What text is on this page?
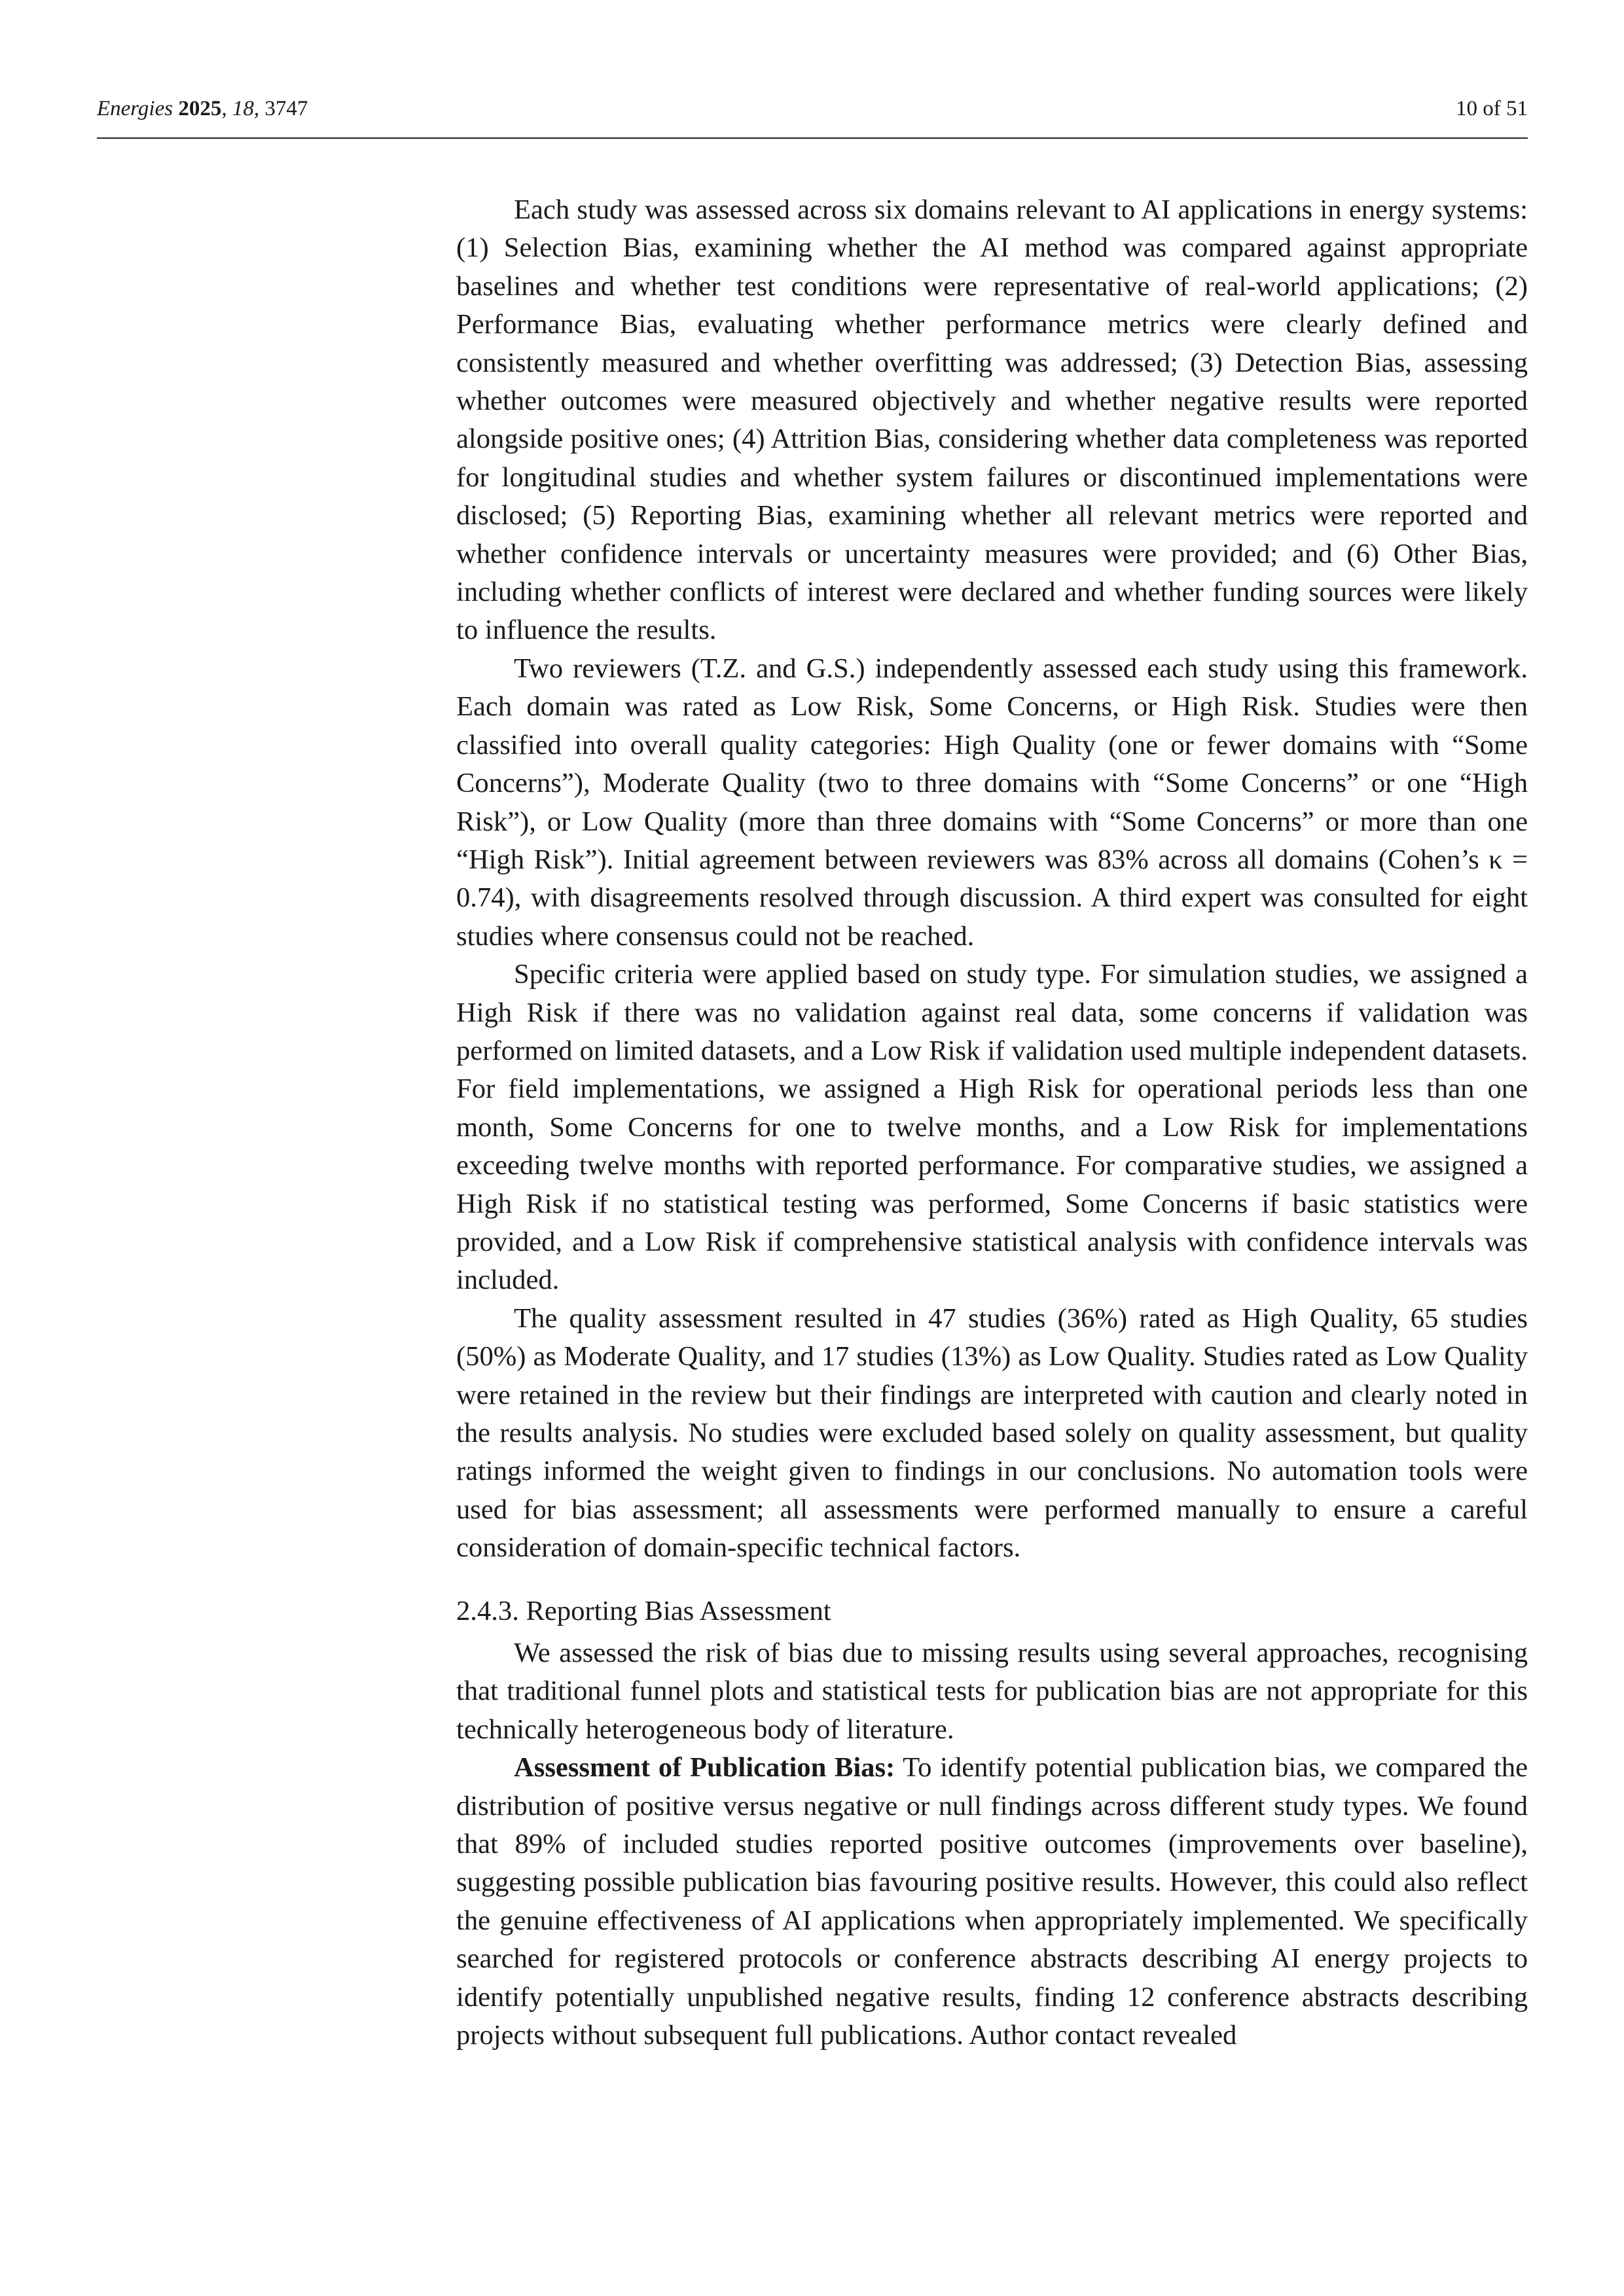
Energies 2025, 18, 3747	10 of 51

Each study was assessed across six domains relevant to AI applications in energy systems: (1) Selection Bias, examining whether the AI method was compared against appropriate baselines and whether test conditions were representative of real-world applications; (2) Performance Bias, evaluating whether performance metrics were clearly defined and consistently measured and whether overfitting was addressed; (3) Detection Bias, assessing whether outcomes were measured objectively and whether negative results were reported alongside positive ones; (4) Attrition Bias, considering whether data completeness was reported for longitudinal studies and whether system failures or discontinued implementations were disclosed; (5) Reporting Bias, examining whether all relevant metrics were reported and whether confidence intervals or uncertainty measures were provided; and (6) Other Bias, including whether conflicts of interest were declared and whether funding sources were likely to influence the results.

Two reviewers (T.Z. and G.S.) independently assessed each study using this framework. Each domain was rated as Low Risk, Some Concerns, or High Risk. Studies were then classified into overall quality categories: High Quality (one or fewer domains with “Some Concerns”), Moderate Quality (two to three domains with “Some Concerns” or one “High Risk”), or Low Quality (more than three domains with “Some Concerns” or more than one “High Risk”). Initial agreement between reviewers was 83% across all domains (Cohen’s κ = 0.74), with disagreements resolved through discussion. A third expert was consulted for eight studies where consensus could not be reached.

Specific criteria were applied based on study type. For simulation studies, we assigned a High Risk if there was no validation against real data, some concerns if validation was performed on limited datasets, and a Low Risk if validation used multiple independent datasets. For field implementations, we assigned a High Risk for operational periods less than one month, Some Concerns for one to twelve months, and a Low Risk for implementations exceeding twelve months with reported performance. For comparative studies, we assigned a High Risk if no statistical testing was performed, Some Concerns if basic statistics were provided, and a Low Risk if comprehensive statistical analysis with confidence intervals was included.

The quality assessment resulted in 47 studies (36%) rated as High Quality, 65 studies (50%) as Moderate Quality, and 17 studies (13%) as Low Quality. Studies rated as Low Quality were retained in the review but their findings are interpreted with caution and clearly noted in the results analysis. No studies were excluded based solely on quality assessment, but quality ratings informed the weight given to findings in our conclusions. No automation tools were used for bias assessment; all assessments were performed manually to ensure a careful consideration of domain-specific technical factors.

2.4.3. Reporting Bias Assessment

We assessed the risk of bias due to missing results using several approaches, recognising that traditional funnel plots and statistical tests for publication bias are not appropriate for this technically heterogeneous body of literature.

Assessment of Publication Bias: To identify potential publication bias, we compared the distribution of positive versus negative or null findings across different study types. We found that 89% of included studies reported positive outcomes (improvements over baseline), suggesting possible publication bias favouring positive results. However, this could also reflect the genuine effectiveness of AI applications when appropriately implemented. We specifically searched for registered protocols or conference abstracts describing AI energy projects to identify potentially unpublished negative results, finding 12 conference abstracts describing projects without subsequent full publications. Author contact revealed
